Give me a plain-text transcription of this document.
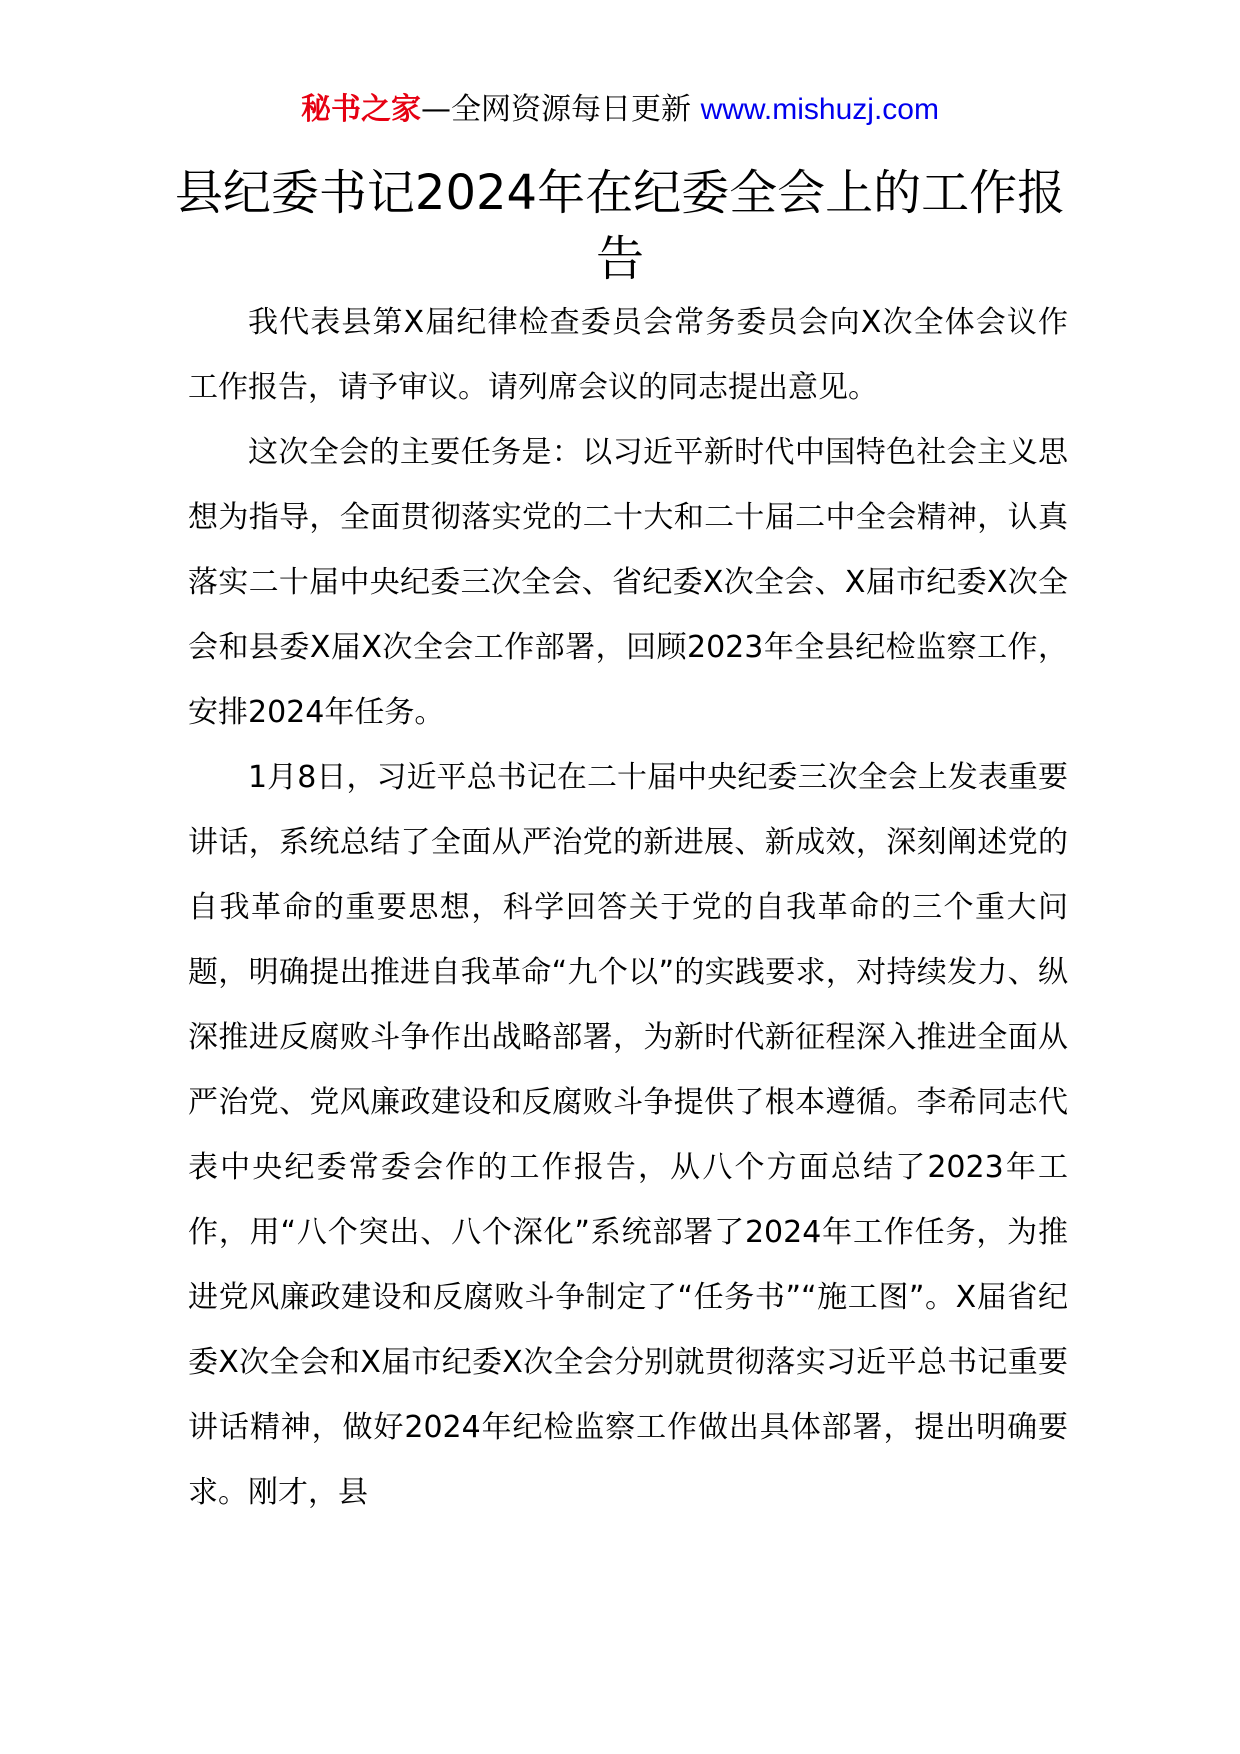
秘书之家—全网资源每日更新 www.mishuzj.com
县纪委书记2024年在纪委全会上的工作报告

我代表县第X届纪律检查委员会常务委员会向X次全体会议作工作报告，请予审议。请列席会议的同志提出意见。

这次全会的主要任务是：以习近平新时代中国特色社会主义思想为指导，全面贯彻落实党的二十大和二十届二中全会精神，认真落实二十届中央纪委三次全会、省纪委X次全会、X届市纪委X次全会和县委X届X次全会工作部署，回顾2023年全县纪检监察工作，安排2024年任务。

1月8日，习近平总书记在二十届中央纪委三次全会上发表重要讲话，系统总结了全面从严治党的新进展、新成效，深刻阐述党的自我革命的重要思想，科学回答关于党的自我革命的三个重大问题，明确提出推进自我革命“九个以”的实践要求，对持续发力、纵深推进反腐败斗争作出战略部署，为新时代新征程深入推进全面从严治党、党风廉政建设和反腐败斗争提供了根本遵循。李希同志代表中央纪委常委会作的工作报告，从八个方面总结了2023年工作，用“八个突出、八个深化”系统部署了2024年工作任务，为推进党风廉政建设和反腐败斗争制定了“任务书”“施工图”。X届省纪委X次全会和X届市纪委X次全会分别就贯彻落实习近平总书记重要讲话精神，做好2024年纪检监察工作做出具体部署，提出明确要求。刚才，县
